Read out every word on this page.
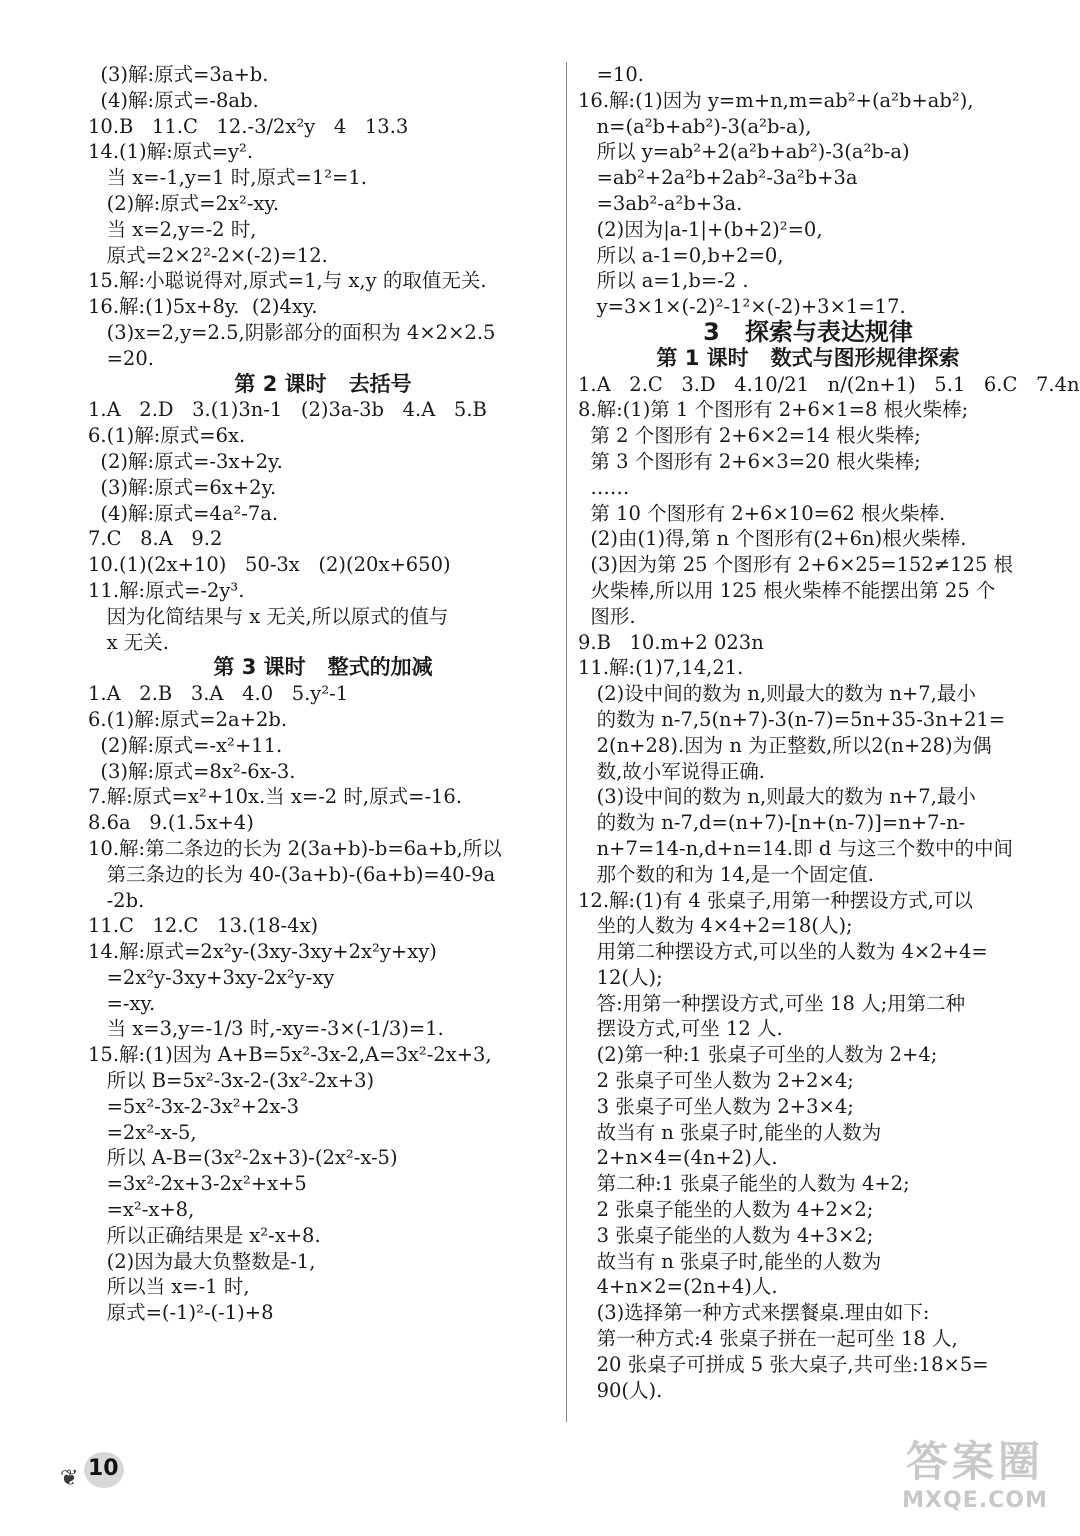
(3)解:原式=3a+b.
(4)解:原式=-8ab.
10.B   11.C   12.-3/2x²y   4   13.3
14.(1)解:原式=y².
当 x=-1,y=1 时,原式=1²=1.
(2)解:原式=2x²-xy.
当 x=2,y=-2 时,
原式=2×2²-2×(-2)=12.
15.解:小聪说得对,原式=1,与 x,y 的取值无关.
16.解:(1)5x+8y.  (2)4xy.
(3)x=2,y=2.5,阴影部分的面积为 4×2×2.5
=20.
第 2 课时   去括号
1.A   2.D   3.(1)3n-1   (2)3a-3b   4.A   5.B
6.(1)解:原式=6x.
(2)解:原式=-3x+2y.
(3)解:原式=6x+2y.
(4)解:原式=4a²-7a.
7.C   8.A   9.2
10.(1)(2x+10)   50-3x   (2)(20x+650)
11.解:原式=-2y³.
因为化简结果与 x 无关,所以原式的值与
x 无关.
第 3 课时   整式的加减
1.A   2.B   3.A   4.0   5.y²-1
6.(1)解:原式=2a+2b.
(2)解:原式=-x²+11.
(3)解:原式=8x²-6x-3.
7.解:原式=x²+10x.当 x=-2 时,原式=-16.
8.6a   9.(1.5x+4)
10.解:第二条边的长为 2(3a+b)-b=6a+b,所以
第三条边的长为 40-(3a+b)-(6a+b)=40-9a
-2b.
11.C   12.C   13.(18-4x)
14.解:原式=2x²y-(3xy-3xy+2x²y+xy)
=2x²y-3xy+3xy-2x²y-xy
=-xy.
当 x=3,y=-1/3 时,-xy=-3×(-1/3)=1.
15.解:(1)因为 A+B=5x²-3x-2,A=3x²-2x+3,
所以 B=5x²-3x-2-(3x²-2x+3)
=5x²-3x-2-3x²+2x-3
=2x²-x-5,
所以 A-B=(3x²-2x+3)-(2x²-x-5)
=3x²-2x+3-2x²+x+5
=x²-x+8,
所以正确结果是 x²-x+8.
(2)因为最大负整数是-1,
所以当 x=-1 时,
原式=(-1)²-(-1)+8
=10.
16.解:(1)因为 y=m+n,m=ab²+(a²b+ab²),
n=(a²b+ab²)-3(a²b-a),
所以 y=ab²+2(a²b+ab²)-3(a²b-a)
=ab²+2a²b+2ab²-3a²b+3a
=3ab²-a²b+3a.
(2)因为|a-1|+(b+2)²=0,
所以 a-1=0,b+2=0,
所以 a=1,b=-2 .
y=3×1×(-2)²-1²×(-2)+3×1=17.
3   探索与表达规律
第 1 课时   数式与图形规律探索
1.A   2.C   3.D   4.10/21   n/(2n+1)   5.1   6.C   7.4n
8.解:(1)第 1 个图形有 2+6×1=8 根火柴棒;
第 2 个图形有 2+6×2=14 根火柴棒;
第 3 个图形有 2+6×3=20 根火柴棒;
……
第 10 个图形有 2+6×10=62 根火柴棒.
(2)由(1)得,第 n 个图形有(2+6n)根火柴棒.
(3)因为第 25 个图形有 2+6×25=152≠125 根
火柴棒,所以用 125 根火柴棒不能摆出第 25 个
图形.
9.B   10.m+2 023n
11.解:(1)7,14,21.
(2)设中间的数为 n,则最大的数为 n+7,最小
的数为 n-7,5(n+7)-3(n-7)=5n+35-3n+21=
2(n+28).因为 n 为正整数,所以2(n+28)为偶
数,故小军说得正确.
(3)设中间的数为 n,则最大的数为 n+7,最小
的数为 n-7,d=(n+7)-[n+(n-7)]=n+7-n-
n+7=14-n,d+n=14.即 d 与这三个数中的中间
那个数的和为 14,是一个固定值.
12.解:(1)有 4 张桌子,用第一种摆设方式,可以
坐的人数为 4×4+2=18(人);
用第二种摆设方式,可以坐的人数为 4×2+4=
12(人);
答:用第一种摆设方式,可坐 18 人;用第二种
摆设方式,可坐 12 人.
(2)第一种:1 张桌子可坐的人数为 2+4;
2 张桌子可坐人数为 2+2×4;
3 张桌子可坐人数为 2+3×4;
故当有 n 张桌子时,能坐的人数为
2+n×4=(4n+2)人.
第二种:1 张桌子能坐的人数为 4+2;
2 张桌子能坐的人数为 4+2×2;
3 张桌子能坐的人数为 4+3×2;
故当有 n 张桌子时,能坐的人数为
4+n×2=(2n+4)人.
(3)选择第一种方式来摆餐桌.理由如下:
第一种方式:4 张桌子拼在一起可坐 18 人,
20 张桌子可拼成 5 张大桌子,共可坐:18×5=
90(人).
❦ 10	答案圈
MXQE.COM
